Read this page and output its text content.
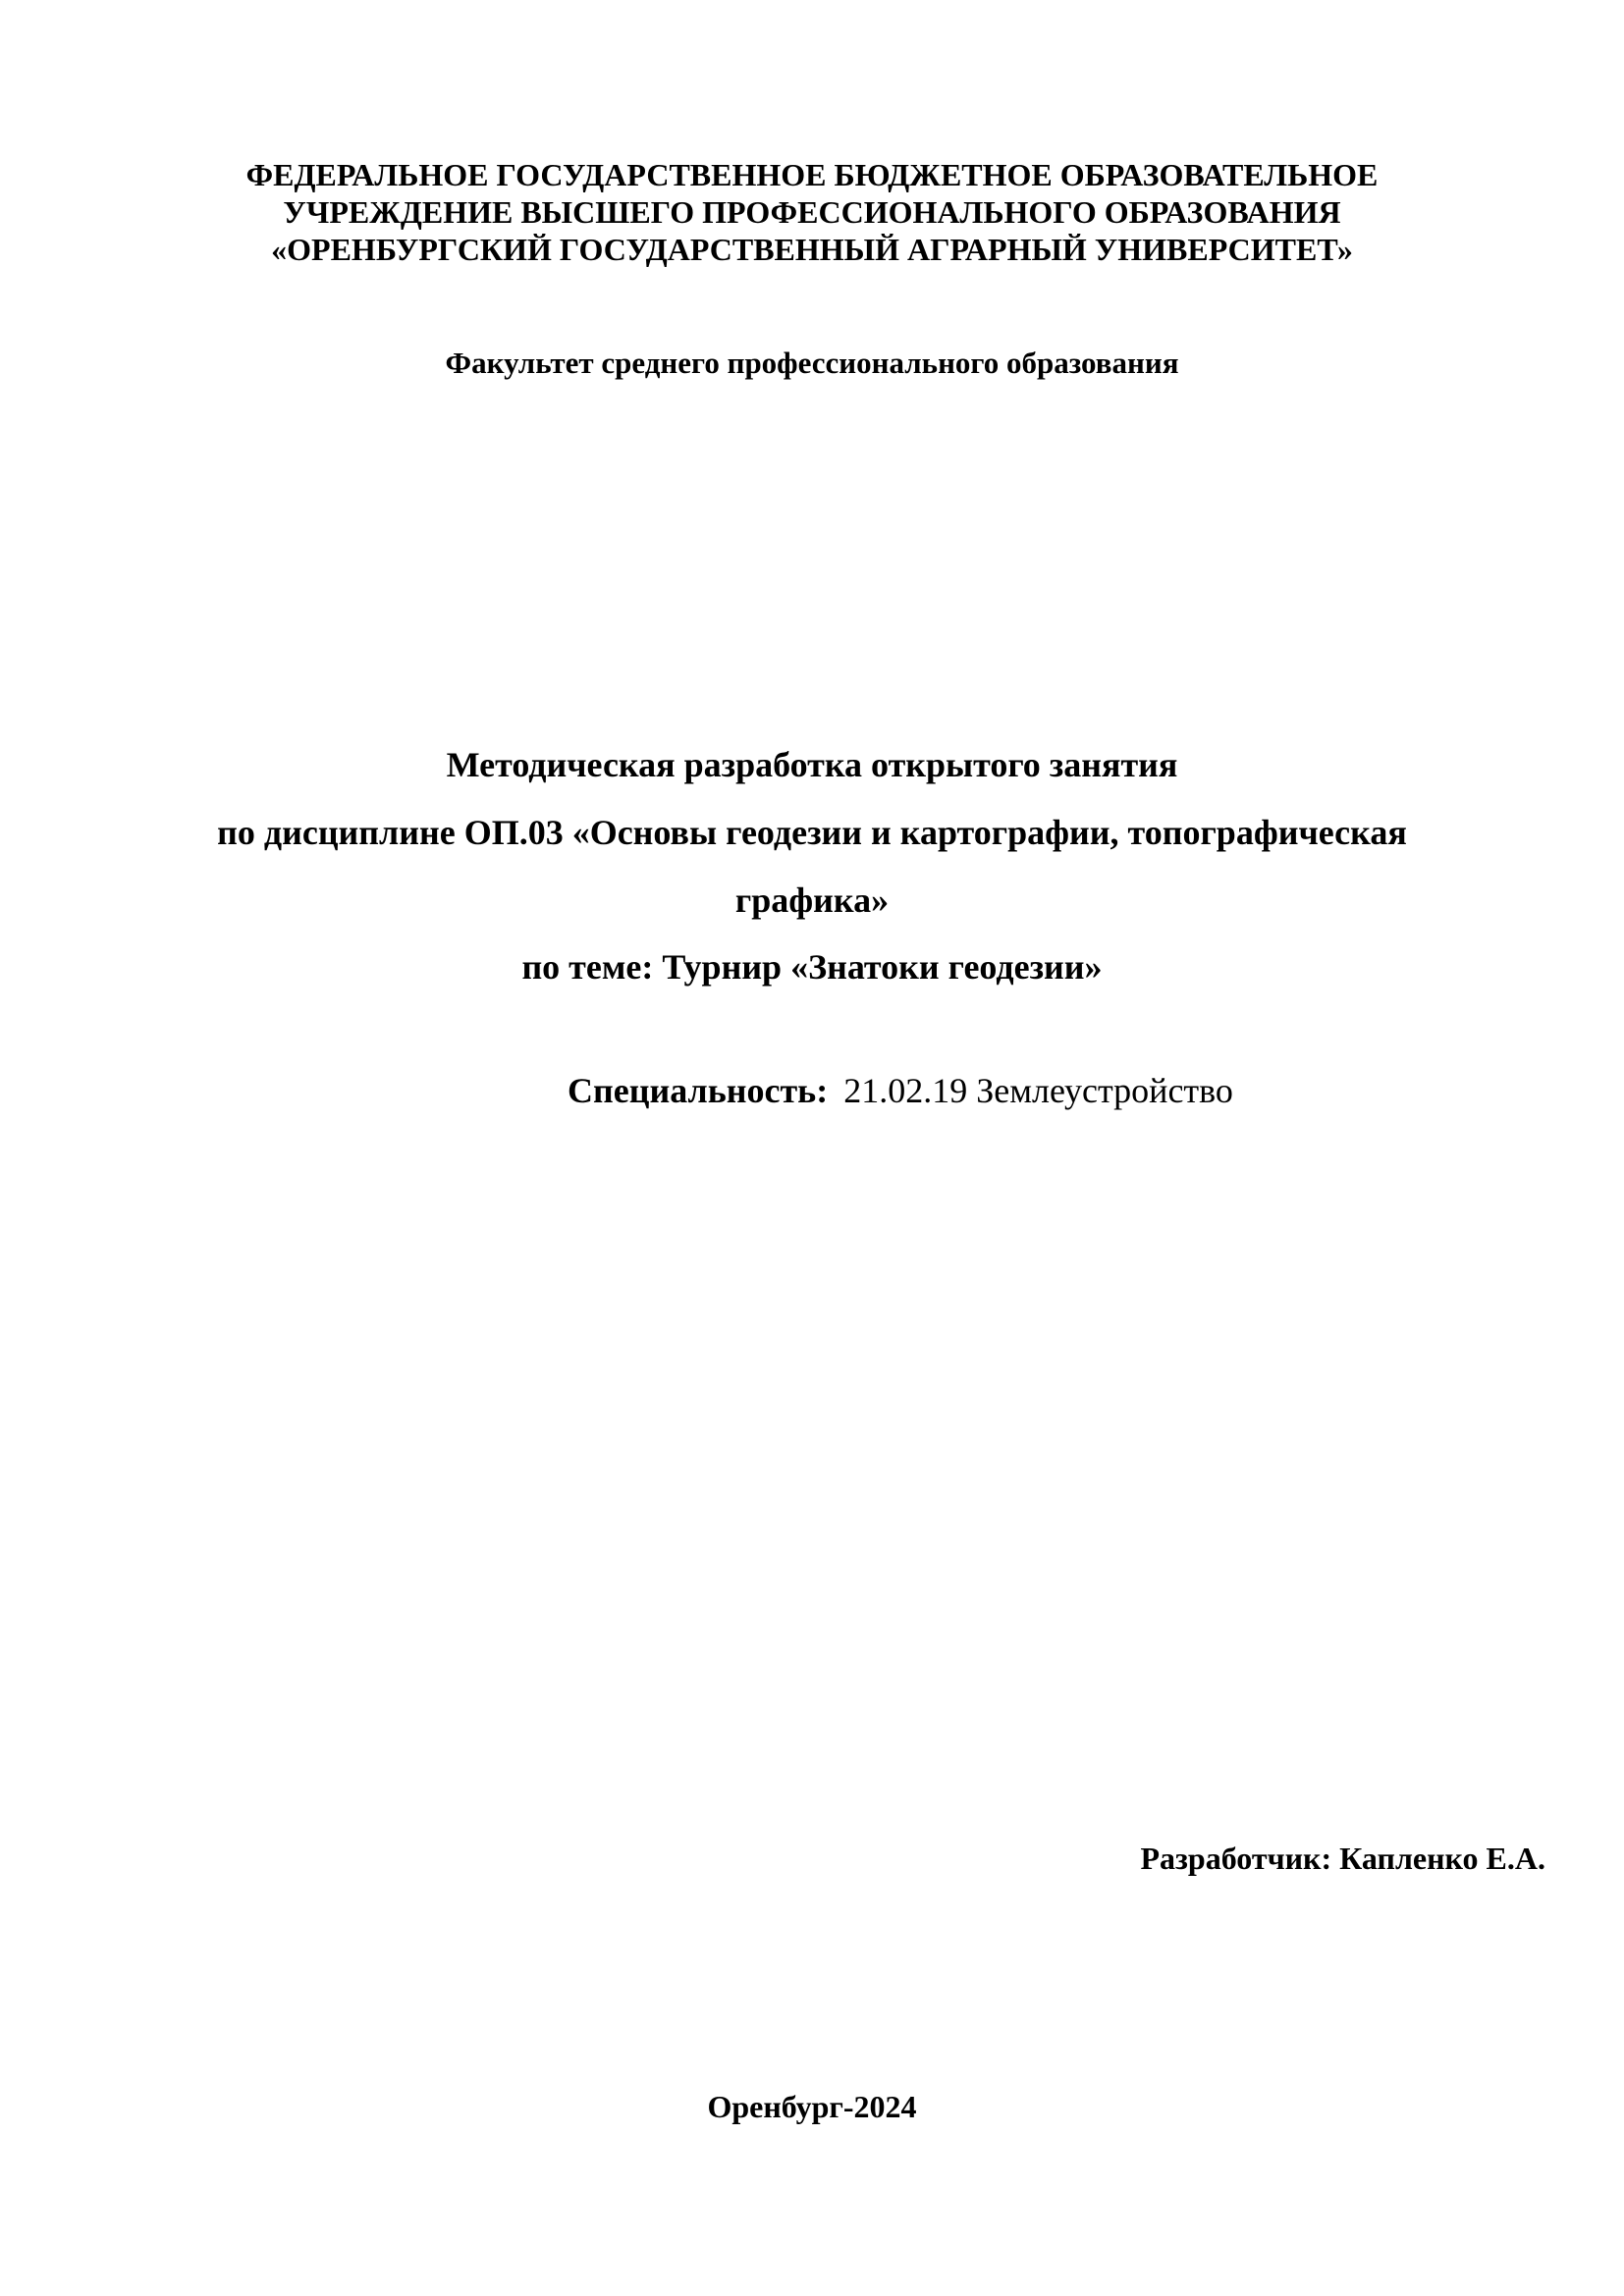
ФЕДЕРАЛЬНОЕ ГОСУДАРСТВЕННОЕ БЮДЖЕТНОЕ ОБРАЗОВАТЕЛЬНОЕ
УЧРЕЖДЕНИЕ ВЫСШЕГО ПРОФЕССИОНАЛЬНОГО ОБРАЗОВАНИЯ
«ОРЕНБУРГСКИЙ ГОСУДАРСТВЕННЫЙ АГРАРНЫЙ УНИВЕРСИТЕТ»
Факультет среднего профессионального образования
Методическая разработка открытого занятия
по дисциплине ОП.03 «Основы геодезии и картографии, топографическая
графика»
по теме: Турнир «Знатоки геодезии»
Специальность: 21.02.19 Землеустройство
Разработчик: Капленко Е.А.
Оренбург-2024
